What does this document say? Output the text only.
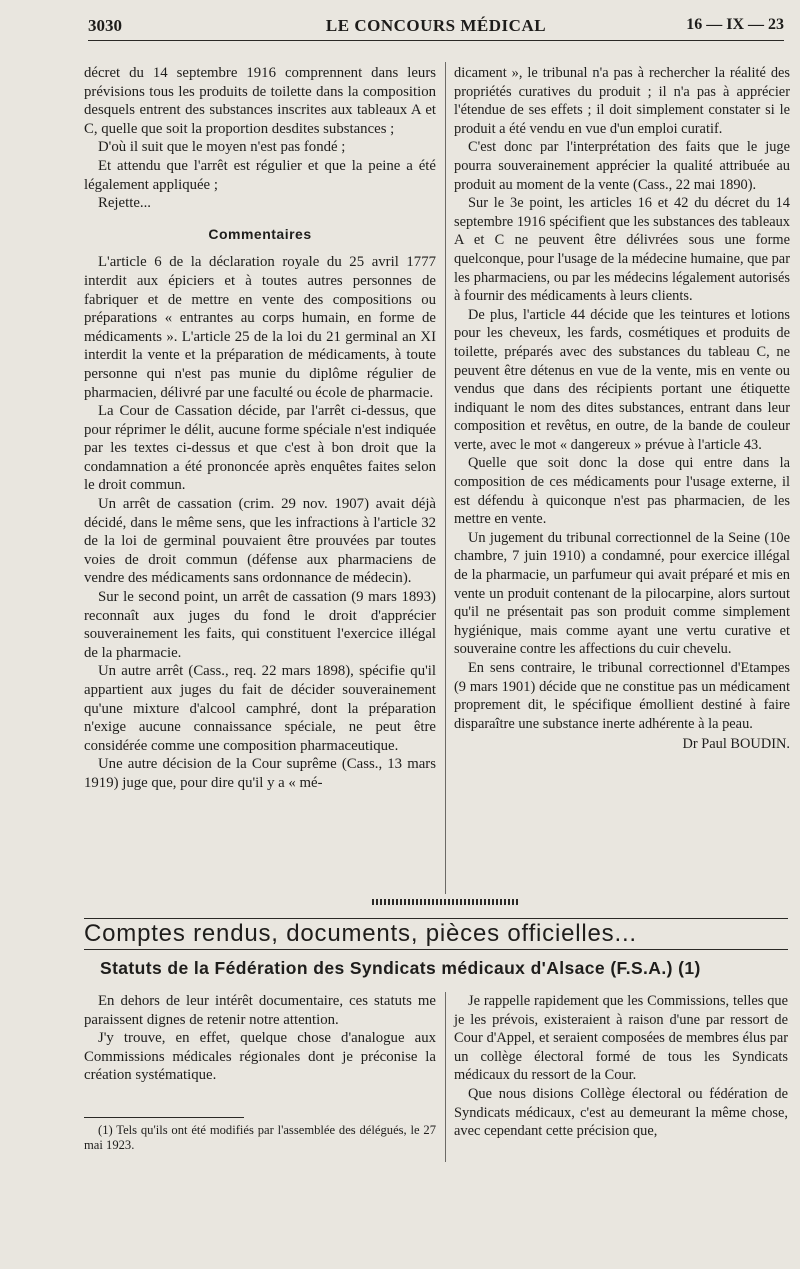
3030	LE CONCOURS MÉDICAL	16 — IX — 23

décret du 14 septembre 1916 comprennent dans leurs prévisions tous les produits de toilette dans la composition desquels entrent des substances inscrites aux tableaux A et C, quelle que soit la proportion desdites substances ;

D'où il suit que le moyen n'est pas fondé ;

Et attendu que l'arrêt est régulier et que la peine a été légalement appliquée ;

Rejette...

Commentaires

L'article 6 de la déclaration royale du 25 avril 1777 interdit aux épiciers et à toutes autres personnes de fabriquer et de mettre en vente des compositions ou préparations « entrantes au corps humain, en forme de médicaments ». L'article 25 de la loi du 21 germinal an XI interdit la vente et la préparation de médicaments, à toute personne qui n'est pas munie du diplôme régulier de pharmacien, délivré par une faculté ou école de pharmacie.

La Cour de Cassation décide, par l'arrêt ci-dessus, que pour réprimer le délit, aucune forme spéciale n'est indiquée par les textes ci-dessus et que c'est à bon droit que la condamnation a été prononcée après enquêtes faites selon le droit commun.

Un arrêt de cassation (crim. 29 nov. 1907) avait déjà décidé, dans le même sens, que les infractions à l'article 32 de la loi de germinal pouvaient être prouvées par toutes voies de droit commun (défense aux pharmaciens de vendre des médicaments sans ordonnance de médecin).

Sur le second point, un arrêt de cassation (9 mars 1893) reconnaît aux juges du fond le droit d'apprécier souverainement les faits, qui constituent l'exercice illégal de la pharmacie.

Un autre arrêt (Cass., req. 22 mars 1898), spécifie qu'il appartient aux juges du fait de décider souverainement qu'une mixture d'alcool camphré, dont la préparation n'exige aucune connaissance spéciale, ne peut être considérée comme une composition pharmaceutique.

Une autre décision de la Cour suprême (Cass., 13 mars 1919) juge que, pour dire qu'il y a « mé-

dicament », le tribunal n'a pas à rechercher la réalité des propriétés curatives du produit ; il n'a pas à apprécier l'étendue de ses effets ; il doit simplement constater si le produit a été vendu en vue d'un emploi curatif.

C'est donc par l'interprétation des faits que le juge pourra souverainement apprécier la qualité attribuée au produit au moment de la vente (Cass., 22 mai 1890).

Sur le 3e point, les articles 16 et 42 du décret du 14 septembre 1916 spécifient que les substances des tableaux A et C ne peuvent être délivrées sous une forme quelconque, pour l'usage de la médecine humaine, que par les pharmaciens, ou par les médecins légalement autorisés à fournir des médicaments à leurs clients.

De plus, l'article 44 décide que les teintures et lotions pour les cheveux, les fards, cosmétiques et produits de toilette, préparés avec des substances du tableau C, ne peuvent être détenus en vue de la vente, mis en vente ou vendus que dans des récipients portant une étiquette indiquant le nom des dites substances, entrant dans leur composition et revêtus, en outre, de la bande de couleur verte, avec le mot « dangereux » prévue à l'article 43.

Quelle que soit donc la dose qui entre dans la composition de ces médicaments pour l'usage externe, il est défendu à quiconque n'est pas pharmacien, de les mettre en vente.

Un jugement du tribunal correctionnel de la Seine (10e chambre, 7 juin 1910) a condamné, pour exercice illégal de la pharmacie, un parfumeur qui avait préparé et mis en vente un produit contenant de la pilocarpine, alors surtout qu'il ne présentait pas son produit comme simplement hygiénique, mais comme ayant une vertu curative et souveraine contre les affections du cuir chevelu.

En sens contraire, le tribunal correctionnel d'Etampes (9 mars 1901) décide que ne constitue pas un médicament proprement dit, le spécifique émollient destiné à faire disparaître une substance inerte adhérente à la peau.

Dr Paul BOUDIN.
Comptes rendus, documents, pièces officielles...
Statuts de la Fédération des Syndicats médicaux d'Alsace (F.S.A.) (1)

En dehors de leur intérêt documentaire, ces statuts me paraissent dignes de retenir notre attention.

J'y trouve, en effet, quelque chose d'analogue aux Commissions médicales régionales dont je préconise la création systématique.

(1) Tels qu'ils ont été modifiés par l'assemblée des délégués, le 27 mai 1923.

Je rappelle rapidement que les Commissions, telles que je les prévois, existeraient à raison d'une par ressort de Cour d'Appel, et seraient composées de membres élus par un collège électoral formé de tous les Syndicats médicaux du ressort de la Cour.

Que nous disions Collège électoral ou fédération de Syndicats médicaux, c'est au demeurant la même chose, avec cependant cette précision que,
